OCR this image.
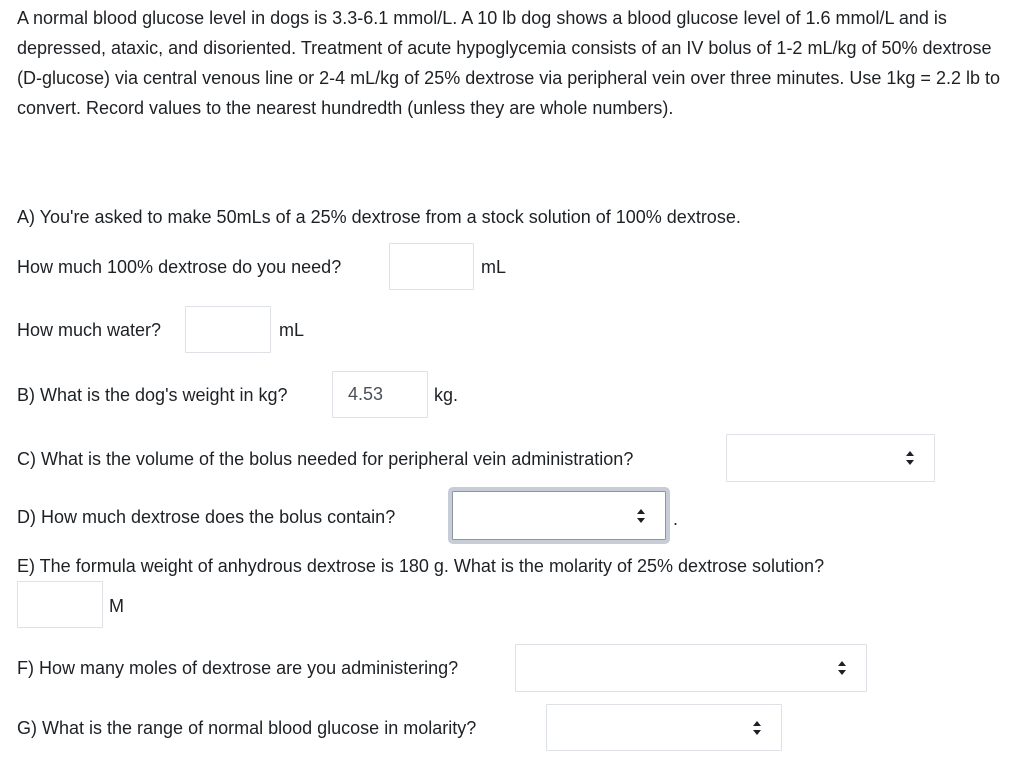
A normal blood glucose level in dogs is 3.3-6.1 mmol/L. A 10 lb dog shows a blood glucose level of 1.6 mmol/L and is depressed, ataxic, and disoriented. Treatment of acute hypoglycemia consists of an IV bolus of 1-2 mL/kg of 50% dextrose (D-glucose) via central venous line or 2-4 mL/kg of 25% dextrose via peripheral vein over three minutes. Use 1kg = 2.2 lb to convert. Record values to the nearest hundredth (unless they are whole numbers).

A) You're asked to make 50mLs of a 25% dextrose from a stock solution of 100% dextrose.
How much 100% dextrose do you need?	mL
How much water?	mL
B) What is the dog's weight in kg?	4.53	kg.
C) What is the volume of the bolus needed for peripheral vein administration?
D) How much dextrose does the bolus contain?	.
E) The formula weight of anhydrous dextrose is 180 g. What is the molarity of 25% dextrose solution?
M
F) How many moles of dextrose are you administering?
G) What is the range of normal blood glucose in molarity?
